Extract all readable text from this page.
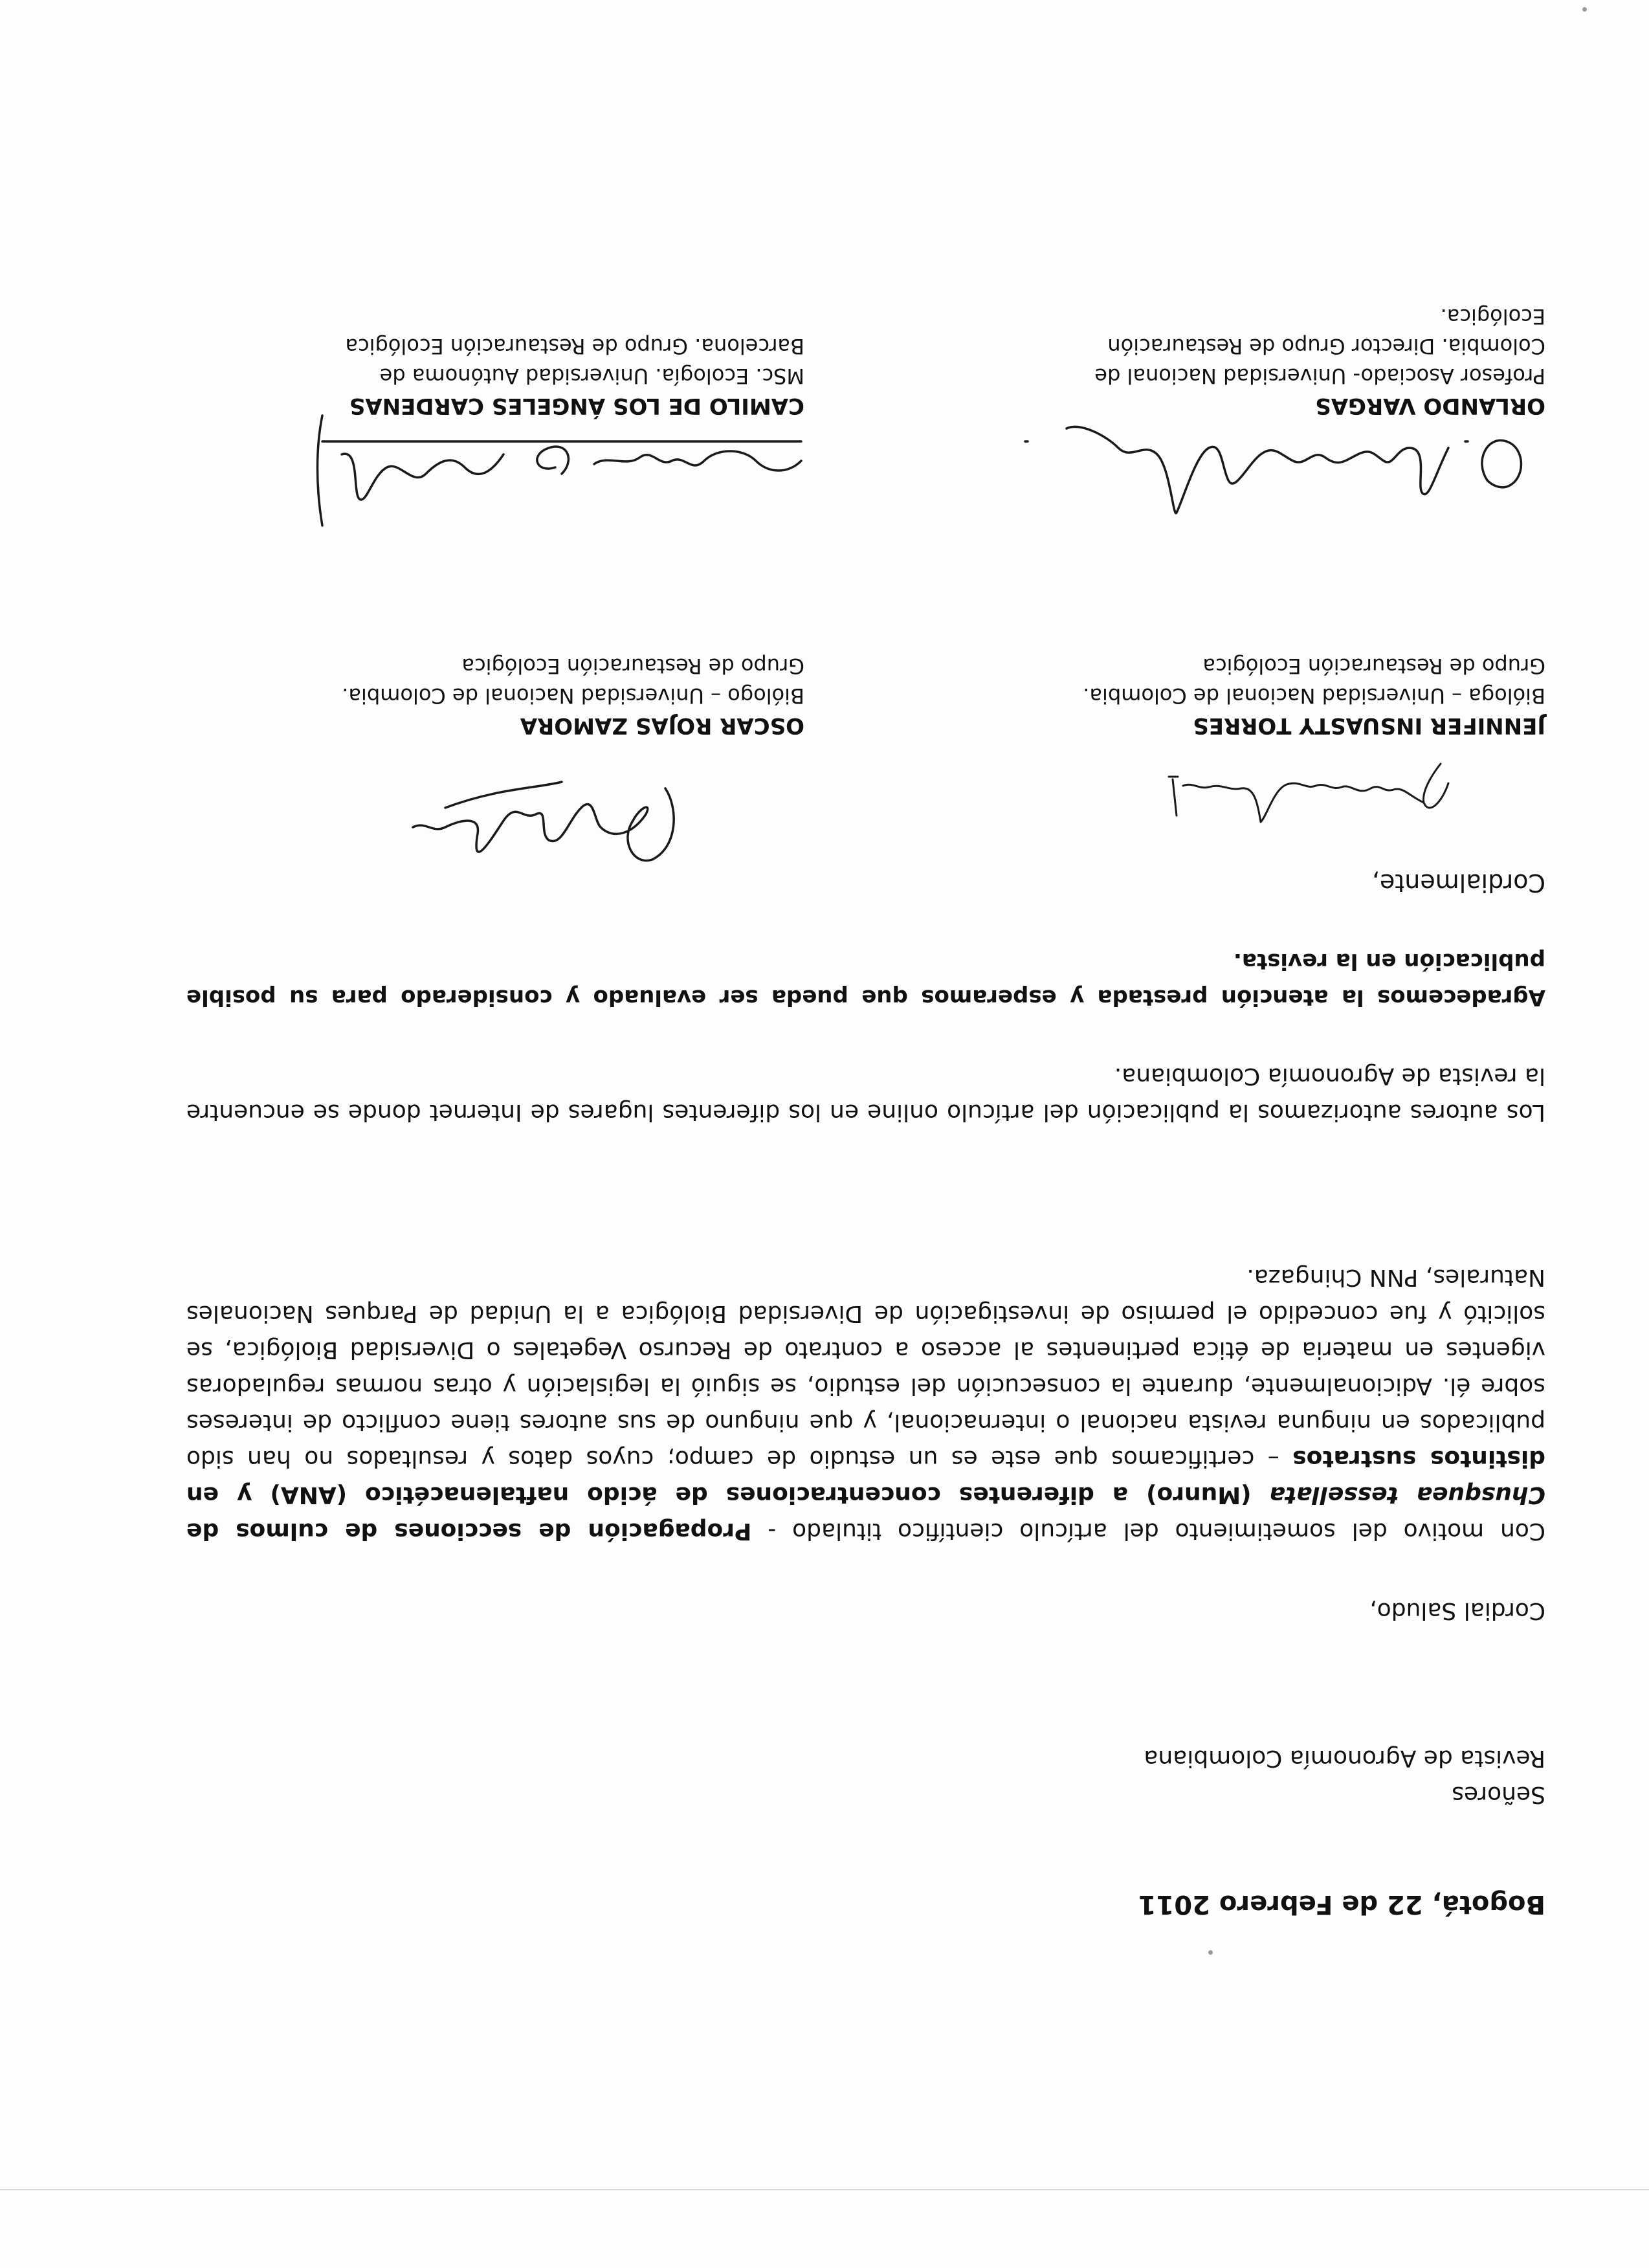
Bogotá, 22 de Febrero 2011
Señores
Revista de Agronomía Colombiana
Cordial Saludo,

Con motivo del sometimiento del artículo científico titulado - Propagación de secciones de culmos de Chusquea tessellata (Munro) a diferentes concentraciones de ácido naftalenacético (ANA) y en distintos sustratos – certificamos que este es un estudio de campo; cuyos datos y resultados no han sido publicados en ninguna revista nacional o internacional, y que ninguno de sus autores tiene conflicto de intereses sobre él. Adicionalmente, durante la consecución del estudio, se siguió la legislación y otras normas reguladoras vigentes en materia de ética pertinentes al acceso a contrato de Recurso Vegetales o Diversidad Biológica, se solicitó y fue concedido el permiso de investigación de Diversidad Biológica a la Unidad de Parques Nacionales Naturales, PNN Chingaza.

Los autores autorizamos la publicación del artículo online en los diferentes lugares de Internet donde se encuentre la revista de Agronomía Colombiana.
Agradecemos la atención prestada y esperamos que pueda ser evaluado y considerado para su posible publicación en la revista.
Cordialmente,
JENNIFER INSUASTY TORRES
Bióloga – Universidad Nacional de Colombia.
Grupo de Restauración Ecológica
OSCAR ROJAS ZAMORA
Biólogo – Universidad Nacional de Colombia.
Grupo de Restauración Ecológica
ORLANDO VARGAS
Profesor Asociado- Universidad Nacional de
Colombia. Director Grupo de Restauración
Ecológica.
CAMILO DE LOS ÁNGELES CARDENAS
MSc. Ecología. Universidad Autónoma de
Barcelona. Grupo de Restauración Ecológica
